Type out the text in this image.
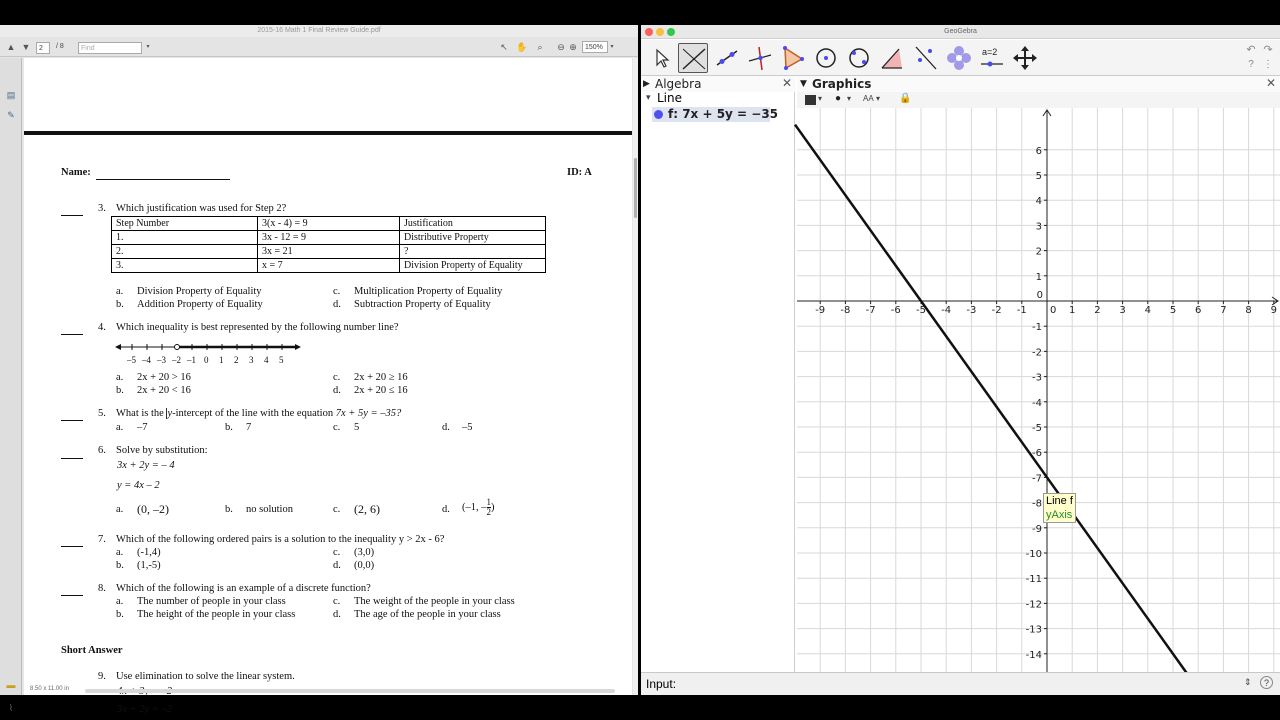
2015-16 Math 1 Final Review Guide.pdf
▲ ▼	2	/ 8	Find	▾	↖ ✋	⌕	⊖ ⊕	150%	▾
▤
✎
▬
⌇
Name:	ID: A
3. Which justification was used for Step 2?
Step Number	3(x - 4) = 9	Justification
1.	3x - 12 = 9	Distributive Property
2.	3x = 21	?
3.	x = 7	Division Property of Equality
a. Division Property of Equality
b. Addition Property of Equality
c. Multiplication Property of Equality
d. Subtraction Property of Equality
4. Which inequality is best represented by the following number line?
–5 –4 –3 –2 –1 0 1 2 3 4 5
a. 2x + 20 > 16
b. 2x + 20 < 16
c. 2x + 20 ≥ 16
d. 2x + 20 ≤ 16
5. What is the y-intercept of the line with the equation 7x + 5y = –35?
a. –7	b. 7	c. 5	d. –5
6. Solve by substitution:
3x + 2y = – 4
y = 4x – 2
a. (0, –2)	b. no solution	c. (2, 6)	d. (–1, – $\frac{1}{2}$ )
7. Which of the following ordered pairs is a solution to the inequality y > 2x - 6?
a. (-1,4)
b. (1,-5)
c. (3,0)
d. (0,0)
8. Which of the following is an example of a discrete function?
a. The number of people in your class
b. The height of the people in your class
c. The weight of the people in your class
d. The age of the people in your class
Short Answer
9. Use elimination to solve the linear system.
3x + 2y = –2
8.50 x 11.00 in
GeoGebra
a=2	↶ ↷
? ⋮
▶ Algebra	✕
▾ Line
f: 7x + 5y = −35
▼ Graphics	✕
▾ ● ▾ AA ▾ 🔒
-9 -8 -7 -6 -5 -4 -3 -2 -1 0 1 2 3 4 5 6 7 8 9
6
5
4
3
2
1
0
-1
-2
-3
-4
-5
-6
-7
-8
-9
-10
-11
-12
-13
-14
Line f
yAxis
Input:	⇕	?
